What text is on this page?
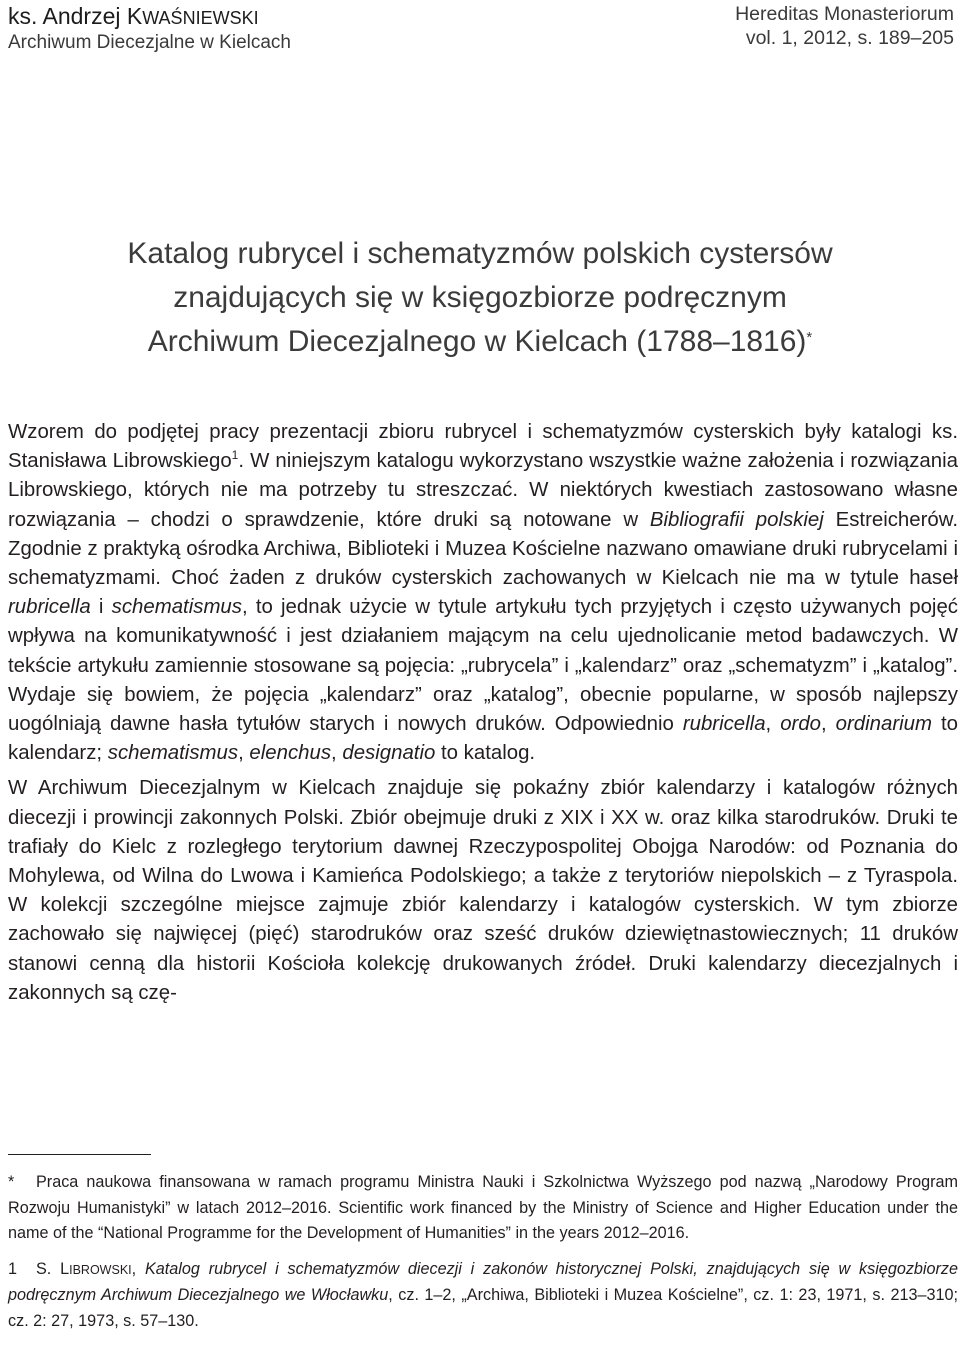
ks. Andrzej KWAŚNIEWSKI
Archiwum Diecezjalne w Kielcach
Hereditas Monasteriorum
vol. 1, 2012, s. 189–205
Katalog rubrycel i schematyzmów polskich cystersów
znajdujących się w księgozbiorze podręcznym
Archiwum Diecezjalnego w Kielcach (1788–1816)*

Wzorem do podjętej pracy prezentacji zbioru rubrycel i schematyzmów cysterskich były katalogi ks. Stanisława Librowskiego$^1$. W niniejszym katalogu wykorzystano wszystkie ważne założenia i rozwiązania Librowskiego, których nie ma potrzeby tu streszczać. W niektórych kwestiach zastosowano własne rozwiązania – chodzi o sprawdzenie, które druki są notowane w Bibliografii polskiej Estreicherów. Zgodnie z praktyką ośrodka Archiwa, Biblioteki i Muzea Kościelne nazwano omawiane druki rubrycelami i schematyzmami. Choć żaden z druków cysterskich zachowanych w Kielcach nie ma w tytule haseł rubricella i schematismus, to jednak użycie w tytule artykułu tych przyjętych i często używanych pojęć wpływa na komunikatywność i jest działaniem mającym na celu ujednolicanie metod badawczych. W tekście artykułu zamiennie stosowane są pojęcia: „rubrycela” i „kalendarz” oraz „schematyzm” i „katalog”. Wydaje się bowiem, że pojęcia „kalendarz” oraz „katalog”, obecnie popularne, w sposób najlepszy uogólniają dawne hasła tytułów starych i nowych druków. Odpowiednio rubricella, ordo, ordinarium to kalendarz; schematismus, elenchus, designatio to katalog.

W Archiwum Diecezjalnym w Kielcach znajduje się pokaźny zbiór kalendarzy i katalogów różnych diecezji i prowincji zakonnych Polski. Zbiór obejmuje druki z XIX i XX w. oraz kilka starodruków. Druki te trafiały do Kielc z rozległego terytorium dawnej Rzeczypospolitej Obojga Narodów: od Poznania do Mohylewa, od Wilna do Lwowa i Kamieńca Podolskiego; a także z terytoriów niepolskich – z Tyraspola. W kolekcji szczególne miejsce zajmuje zbiór kalendarzy i katalogów cysterskich. W tym zbiorze zachowało się najwięcej (pięć) starodruków oraz sześć druków dziewiętnastowiecznych; 11 druków stanowi cenną dla historii Kościoła kolekcję drukowanych źródeł. Druki kalendarzy diecezjalnych i zakonnych są czę-

* Praca naukowa finansowana w ramach programu Ministra Nauki i Szkolnictwa Wyższego pod nazwą „Narodowy Program Rozwoju Humanistyki” w latach 2012–2016. Scientific work financed by the Ministry of Science and Higher Education under the name of the “National Programme for the Development of Humanities” in the years 2012–2016.

1 S. LIBROWSKI, Katalog rubrycel i schematyzmów diecezji i zakonów historycznej Polski, znajdujących się w księgozbiorze podręcznym Archiwum Diecezjalnego we Włocławku, cz. 1–2, „Archiwa, Biblioteki i Muzea Kościelne”, cz. 1: 23, 1971, s. 213–310; cz. 2: 27, 1973, s. 57–130.
